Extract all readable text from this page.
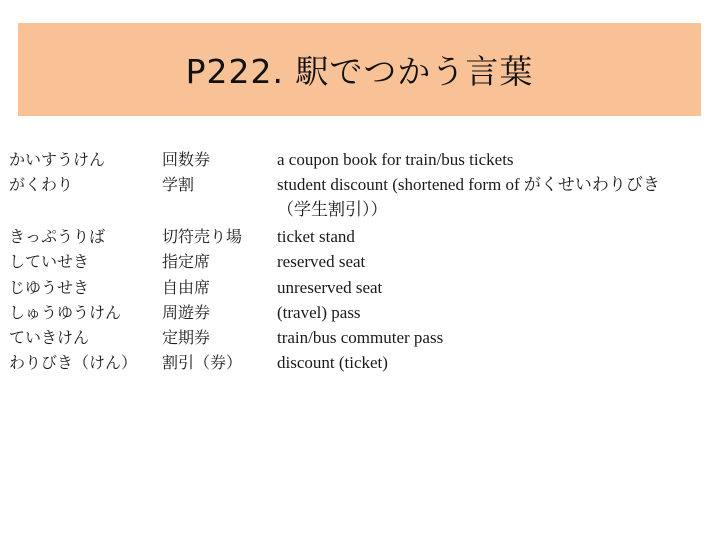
P222. 駅でつかう言葉
かいすうけん	回数券	a coupon book for train/bus tickets
がくわり	学割	student discount (shortened form of がくせいわりびき
（学生割引））
きっぷうりば	切符売り場 ticket stand
していせき	指定席	reserved seat
じゆうせき	自由席	unreserved seat
しゅうゆうけん	周遊券	(travel) pass
ていきけん	定期券	train/bus commuter pass
わりびき（けん） 割引（券） discount (ticket)
